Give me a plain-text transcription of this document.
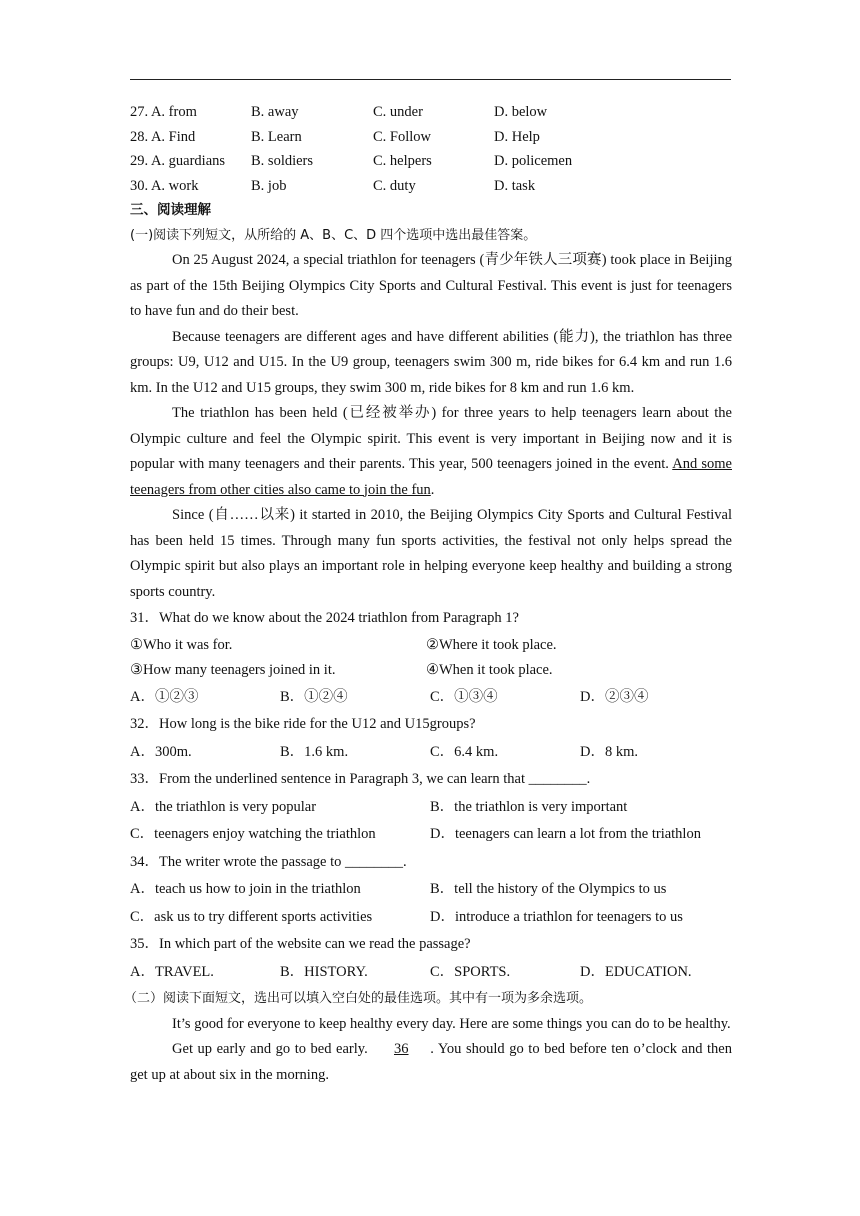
27. A. from	B. away	C. under	D. below
28. A. Find	B. Learn	C. Follow	D. Help
29. A. guardians B. soldiers	C. helpers	D. policemen
30. A. work	B. job	C. duty	D. task
三、阅读理解
(一)阅读下列短文，从所给的 A、B、C、D 四个选项中选出最佳答案。

On 25 August 2024, a special triathlon for teenagers (青少年铁人三项赛) took place in Beijing as part of the 15th Beijing Olympics City Sports and Cultural Festival. This event is just for teenagers to have fun and do their best.

Because teenagers are different ages and have different abilities (能力), the triathlon has three groups: U9, U12 and U15. In the U9 group, teenagers swim 300 m, ride bikes for 6.4 km and run 1.6 km. In the U12 and U15 groups, they swim 300 m, ride bikes for 8 km and run 1.6 km.

The triathlon has been held (已经被举办) for three years to help teenagers learn about the Olympic culture and feel the Olympic spirit. This event is very important in Beijing now and it is popular with many teenagers and their parents. This year, 500 teenagers joined in the event. And some teenagers from other cities also came to join the fun.

Since (自……以来) it started in 2010, the Beijing Olympics City Sports and Cultural Festival has been held 15 times. Through many fun sports activities, the festival not only helps spread the Olympic spirit but also plays an important role in helping everyone keep healthy and building a strong sports country.

31．What do we know about the 2024 triathlon from Paragraph 1?

①Who it was for.	②Where it took place.
③How many teenagers joined in it.	④When it took place.
A．①②③	B．①②④	C．①③④	D．②③④

32．How long is the bike ride for the U12 and U15groups?

A．300m.	B．1.6 km.	C．6.4 km.	D．8 km.

33．From the underlined sentence in Paragraph 3, we can learn that ________.

A．the triathlon is very popular	B．the triathlon is very important
C．teenagers enjoy watching the triathlon	D．teenagers can learn a lot from the triathlon

34．The writer wrote the passage to ________.

A．teach us how to join in the triathlon	B．tell the history of the Olympics to us
C．ask us to try different sports activities	D．introduce a triathlon for teenagers to us

35．In which part of the website can we read the passage?

A．TRAVEL.	B．HISTORY.	C．SPORTS.	D．EDUCATION.
（二）阅读下面短文，选出可以填入空白处的最佳选项。其中有一项为多余选项。

It’s good for everyone to keep healthy every day. Here are some things you can do to be healthy.

Get up early and go to bed early. 36 . You should go to bed before ten o’clock and then get up at about six in the morning.
